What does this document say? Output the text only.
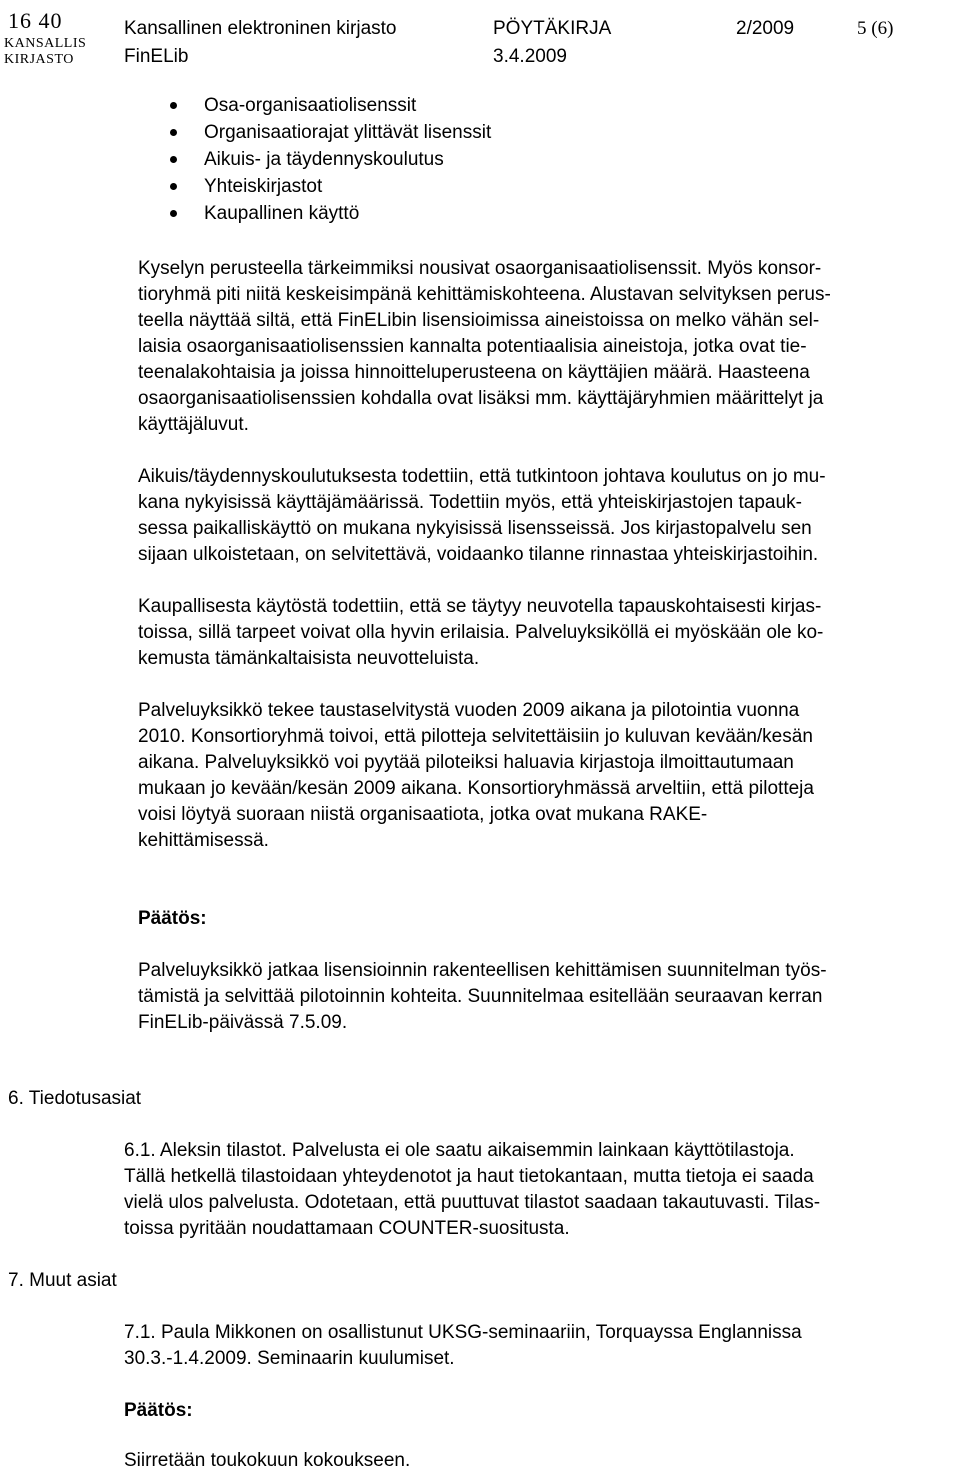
16 40
KANSALLIS
KIRJASTO
Kansallinen elektroninen kirjasto	PÖYTÄKIRJA	2/2009	5 (6)
FinELib	3.4.2009
Osa-organisaatiolisenssit
Organisaatiorajat ylittävät lisenssit
Aikuis- ja täydennyskoulutus
Yhteiskirjastot
Kaupallinen käyttö
Kyselyn perusteella tärkeimmiksi nousivat osaorganisaatiolisenssit. Myös konsor-
tioryhmä piti niitä keskeisimpänä kehittämiskohteena. Alustavan selvityksen perus-
teella näyttää siltä, että FinELibin lisensioimissa aineistoissa on melko vähän sel-
laisia osaorganisaatiolisenssien kannalta potentiaalisia aineistoja, jotka ovat tie-
teenalakohtaisia ja joissa hinnoitteluperusteena on käyttäjien määrä. Haasteena
osaorganisaatiolisenssien kohdalla ovat lisäksi mm. käyttäjäryhmien määrittelyt ja
käyttäjäluvut.
Aikuis/täydennyskoulutuksesta todettiin, että tutkintoon johtava koulutus on jo mu-
kana nykyisissä käyttäjämäärissä. Todettiin myös, että yhteiskirjastojen tapauk-
sessa paikalliskäyttö on mukana nykyisissä lisensseissä. Jos kirjastopalvelu sen
sijaan ulkoistetaan, on selvitettävä, voidaanko tilanne rinnastaa yhteiskirjastoihin.
Kaupallisesta käytöstä todettiin, että se täytyy neuvotella tapauskohtaisesti kirjas-
toissa, sillä tarpeet voivat olla hyvin erilaisia. Palveluyksiköllä ei myöskään ole ko-
kemusta tämänkaltaisista neuvotteluista.
Palveluyksikkö tekee taustaselvitystä vuoden 2009 aikana ja pilotointia vuonna
2010. Konsortioryhmä toivoi, että pilotteja selvitettäisiin jo kuluvan kevään/kesän
aikana. Palveluyksikkö voi pyytää piloteiksi haluavia kirjastoja ilmoittautumaan
mukaan jo kevään/kesän 2009 aikana. Konsortioryhmässä arveltiin, että pilotteja
voisi löytyä suoraan niistä organisaatiota, jotka ovat mukana RAKE-
kehittämisessä.
Päätös:
Palveluyksikkö jatkaa lisensioinnin rakenteellisen kehittämisen suunnitelman työs-
tämistä ja selvittää pilotoinnin kohteita. Suunnitelmaa esitellään seuraavan kerran
FinELib-päivässä 7.5.09.
6. Tiedotusasiat
6.1. Aleksin tilastot. Palvelusta ei ole saatu aikaisemmin lainkaan käyttötilastoja.
Tällä hetkellä tilastoidaan yhteydenotot ja haut tietokantaan, mutta tietoja ei saada
vielä ulos palvelusta. Odotetaan, että puuttuvat tilastot saadaan takautuvasti. Tilas-
toissa pyritään noudattamaan COUNTER-suositusta.
7. Muut asiat
7.1. Paula Mikkonen on osallistunut UKSG-seminaariin, Torquayssa Englannissa
30.3.-1.4.2009. Seminaarin kuulumiset.
Päätös:
Siirretään toukokuun kokoukseen.
